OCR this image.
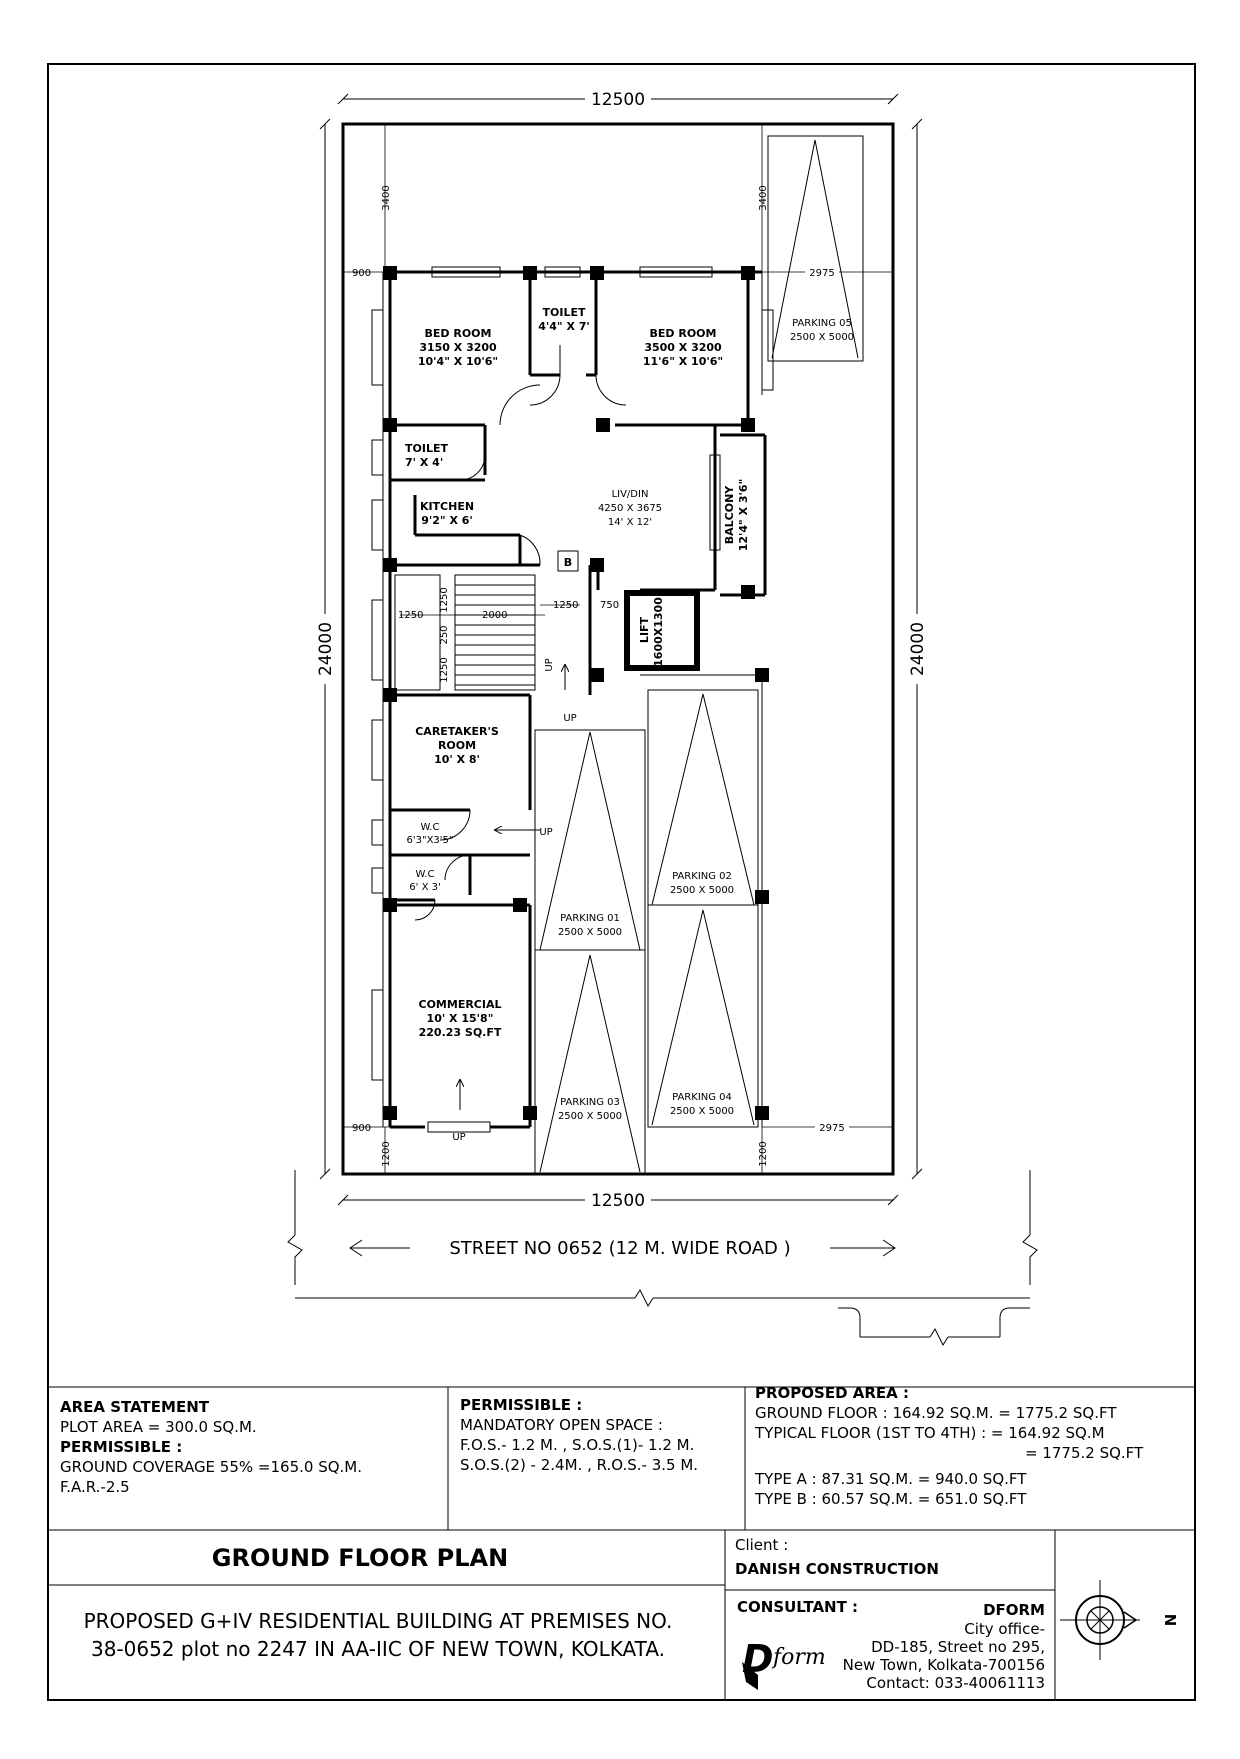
12500
12500
24000	24000
3400	3400
900	2975
900	2975
1200	1200
1250	2000
1250 750
1250
250
1250	UP
LIFT 1600X1300
B
UP
UP
UP
BED ROOM
3150 X 3200
10'4" X 10'6"
TOILET
4'4" X 7'
BED ROOM
3500 X 3200
11'6" X 10'6"
PARKING 05
2500 X 5000
TOILET
7' X 4'
KITCHEN
9'2" X 6'
LIV/DIN
4250 X 3675
14' X 12'	BALCONY 12'4" X 3'6"
CARETAKER'S
ROOM
10' X 8'
W.C
6'3"X3'5"
W.C
6' X 3'
COMMERCIAL
10' X 15'8"
220.23 SQ.FT
PARKING 01
2500 X 5000
PARKING 02
2500 X 5000
PARKING 03
2500 X 5000
PARKING 04
2500 X 5000
STREET NO 0652 (12 M. WIDE ROAD )
AREA STATEMENT
PLOT AREA = 300.0 SQ.M.
PERMISSIBLE :
GROUND COVERAGE 55% =165.0 SQ.M.
F.A.R.-2.5
PERMISSIBLE :
MANDATORY OPEN SPACE :
F.O.S.- 1.2 M. , S.O.S.(1)- 1.2 M.
S.O.S.(2) - 2.4M. , R.O.S.- 3.5 M.
PROPOSED AREA :
GROUND FLOOR : 164.92 SQ.M. = 1775.2 SQ.FT
TYPICAL FLOOR (1ST TO 4TH) : = 164.92 SQ.M
= 1775.2 SQ.FT
TYPE A : 87.31 SQ.M. = 940.0 SQ.FT
TYPE B : 60.57 SQ.M. = 651.0 SQ.FT
GROUND FLOOR PLAN
PROPOSED G+IV RESIDENTIAL BUILDING AT PREMISES NO.
38-0652 plot no 2247 IN AA-IIC OF NEW TOWN, KOLKATA.
Client :
DANISH CONSTRUCTION
CONSULTANT :
D form
DFORM
City office-
DD-185, Street no 295,
New Town, Kolkata-700156
Contact: 033-40061113
N
